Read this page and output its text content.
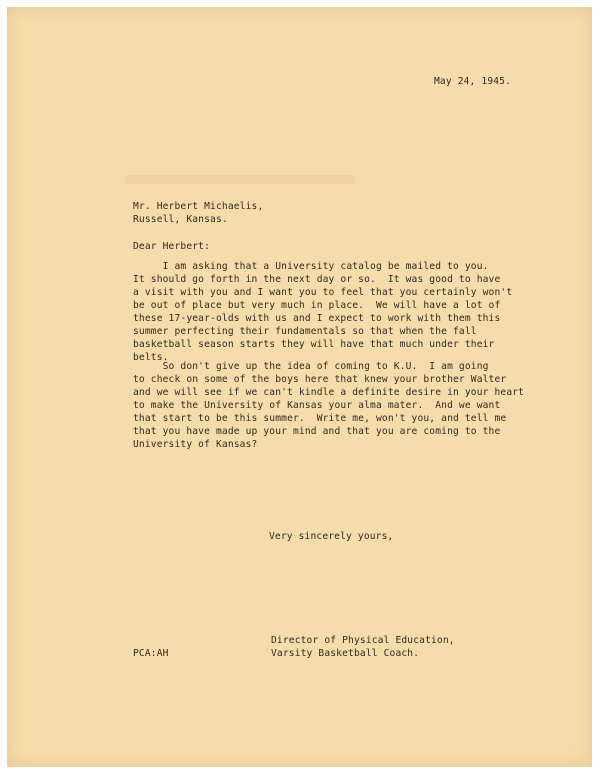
May 24, 1945.
Mr. Herbert Michaelis,
Russell, Kansas.
Dear Herbert:
I am asking that a University catalog be mailed to you.
It should go forth in the next day or so.  It was good to have
a visit with you and I want you to feel that you certainly won't
be out of place but very much in place.  We will have a lot of
these 17-year-olds with us and I expect to work with them this
summer perfecting their fundamentals so that when the fall
basketball season starts they will have that much under their
belts.
So don't give up the idea of coming to K.U.  I am going
to check on some of the boys here that knew your brother Walter
and we will see if we can't kindle a definite desire in your heart
to make the University of Kansas your alma mater.  And we want
that start to be this summer.  Write me, won't you, and tell me
that you have made up your mind and that you are coming to the
University of Kansas?
Very sincerely yours,
Director of Physical Education,
Varsity Basketball Coach.
PCA:AH
